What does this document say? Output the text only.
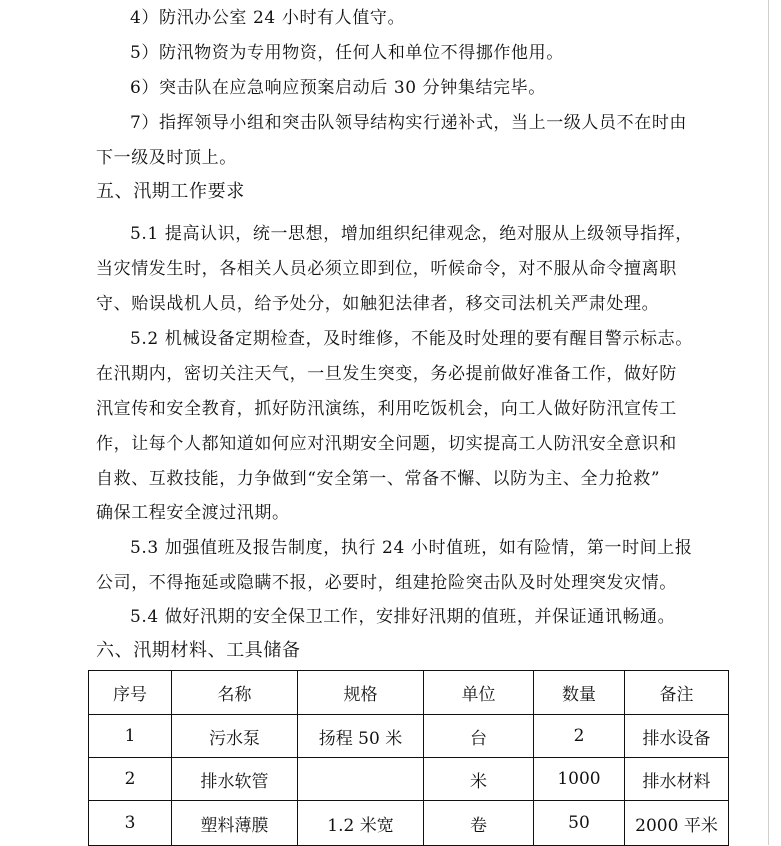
4）防汛办公室 24 小时有人值守。
5）防汛物资为专用物资，任何人和单位不得挪作他用。
6）突击队在应急响应预案启动后 30 分钟集结完毕。
7）指挥领导小组和突击队领导结构实行递补式，当上一级人员不在时由
下一级及时顶上。
五、汛期工作要求
5.1 提高认识，统一思想，增加组织纪律观念，绝对服从上级领导指挥，
当灾情发生时，各相关人员必须立即到位，听候命令，对不服从命令擅离职
守、贻误战机人员，给予处分，如触犯法律者，移交司法机关严肃处理。
5.2 机械设备定期检查，及时维修，不能及时处理的要有醒目警示标志。
在汛期内，密切关注天气，一旦发生突变，务必提前做好准备工作，做好防
汛宣传和安全教育，抓好防汛演练，利用吃饭机会，向工人做好防汛宣传工
作，让每个人都知道如何应对汛期安全问题，切实提高工人防汛安全意识和
自救、互救技能，力争做到“安全第一、常备不懈、以防为主、全力抢救”
确保工程安全渡过汛期。
5.3 加强值班及报告制度，执行 24 小时值班，如有险情，第一时间上报
公司，不得拖延或隐瞒不报，必要时，组建抢险突击队及时处理突发灾情。
5.4 做好汛期的安全保卫工作，安排好汛期的值班，并保证通讯畅通。
六、汛期材料、工具储备
序号	名称	规格	单位	数量	备注
1	污水泵	扬程 50 米	台	2	排水设备
2	排水软管		米	1000	排水材料
3	塑料薄膜	1.2 米宽	卷	50	2000 平米
